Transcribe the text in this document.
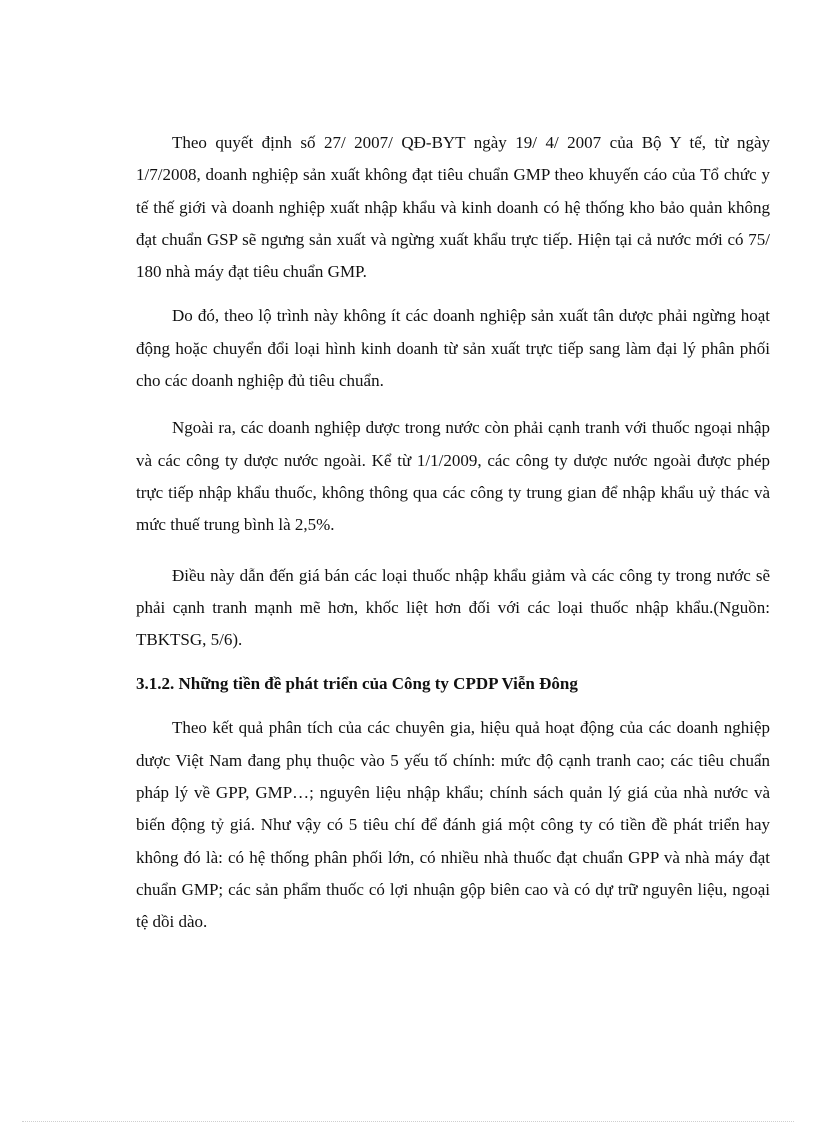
Theo quyết định số 27/ 2007/ QĐ-BYT ngày 19/ 4/ 2007 của Bộ Y tế, từ ngày 1/7/2008, doanh nghiệp sản xuất không đạt tiêu chuẩn GMP theo khuyến cáo của Tổ chức y tế thế giới và doanh nghiệp xuất nhập khẩu và kinh doanh có hệ thống kho bảo quản không đạt chuẩn GSP sẽ ngưng sản xuất và ngừng xuất khẩu trực tiếp. Hiện tại cả nước mới có 75/ 180 nhà máy đạt tiêu chuẩn GMP.

Do đó, theo lộ trình này không ít các doanh nghiệp sản xuất tân dược phải ngừng hoạt động hoặc chuyển đổi loại hình kinh doanh từ sản xuất trực tiếp sang làm đại lý phân phối cho các doanh nghiệp đủ tiêu chuẩn.

Ngoài ra, các doanh nghiệp dược trong nước còn phải cạnh tranh với thuốc ngoại nhập và các công ty dược nước ngoài. Kể từ 1/1/2009, các công ty dược nước ngoài được phép trực tiếp nhập khẩu thuốc, không thông qua các công ty trung gian để nhập khẩu uỷ thác và mức thuế trung bình là 2,5%.

Điều này dẫn đến giá bán các loại thuốc nhập khẩu giảm và các công ty trong nước sẽ phải cạnh tranh mạnh mẽ hơn, khốc liệt hơn đối với các loại thuốc nhập khẩu.(Nguồn: TBKTSG, 5/6).

3.1.2. Những tiền đề phát triển của Công ty CPDP Viễn Đông

Theo kết quả phân tích của các chuyên gia, hiệu quả hoạt động của các doanh nghiệp dược Việt Nam đang phụ thuộc vào 5 yếu tố chính: mức độ cạnh tranh cao; các tiêu chuẩn pháp lý về GPP, GMP…; nguyên liệu nhập khẩu; chính sách quản lý giá của nhà nước và biến động tỷ giá. Như vậy có 5 tiêu chí để đánh giá một công ty có tiền đề phát triển hay không đó là: có hệ thống phân phối lớn, có nhiều nhà thuốc đạt chuẩn GPP và nhà máy đạt chuẩn GMP; các sản phẩm thuốc có lợi nhuận gộp biên cao và có dự trữ nguyên liệu, ngoại tệ dồi dào.
